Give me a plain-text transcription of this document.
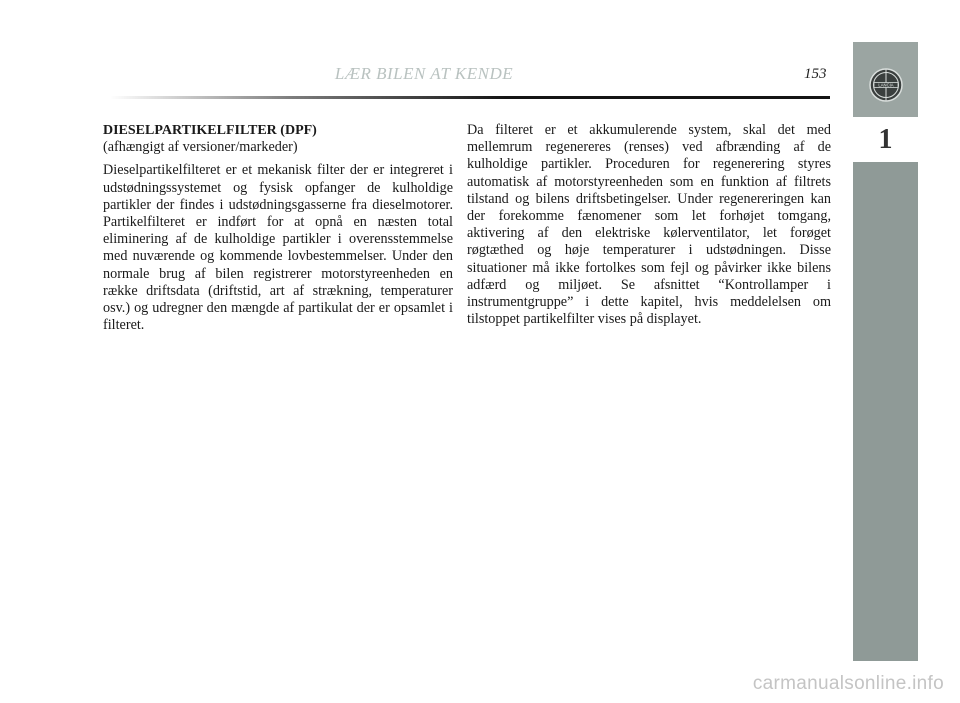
LÆR BILEN AT KENDE	153
LANCIA
1

DIESELPARTIKELFILTER (DPF)

(afhængigt af versioner/markeder)

Dieselpartikelfilteret er et mekanisk filter der er integreret i udstødningssystemet og fysisk opfanger de kulholdige partikler der findes i udstødningsgasserne fra dieselmotorer. Partikelfilteret er indført for at opnå en næsten total eliminering af de kulholdige partikler i overensstemmelse med nuværende og kommende lovbestemmelser. Under den normale brug af bilen registrerer motorstyreenheden en række driftsdata (driftstid, art af strækning, temperaturer osv.) og udregner den mængde af partikulat der er opsamlet i filteret.

Da filteret er et akkumulerende system, skal det med mellemrum regenereres (renses) ved afbrænding af de kulholdige partikler. Proceduren for regenerering styres automatisk af motorstyreenheden som en funktion af filtrets tilstand og bilens driftsbetingelser. Under regenereringen kan der forekomme fænomener som let forhøjet tomgang, aktivering af den elektriske kølerventilator, let forøget røgtæthed og høje temperaturer i udstødningen. Disse situationer må ikke fortolkes som fejl og påvirker ikke bilens adfærd og miljøet. Se afsnittet “Kontrollamper i instrumentgruppe” i dette kapitel, hvis meddelelsen om tilstoppet partikelfilter vises på displayet.

carmanualsonline.info
